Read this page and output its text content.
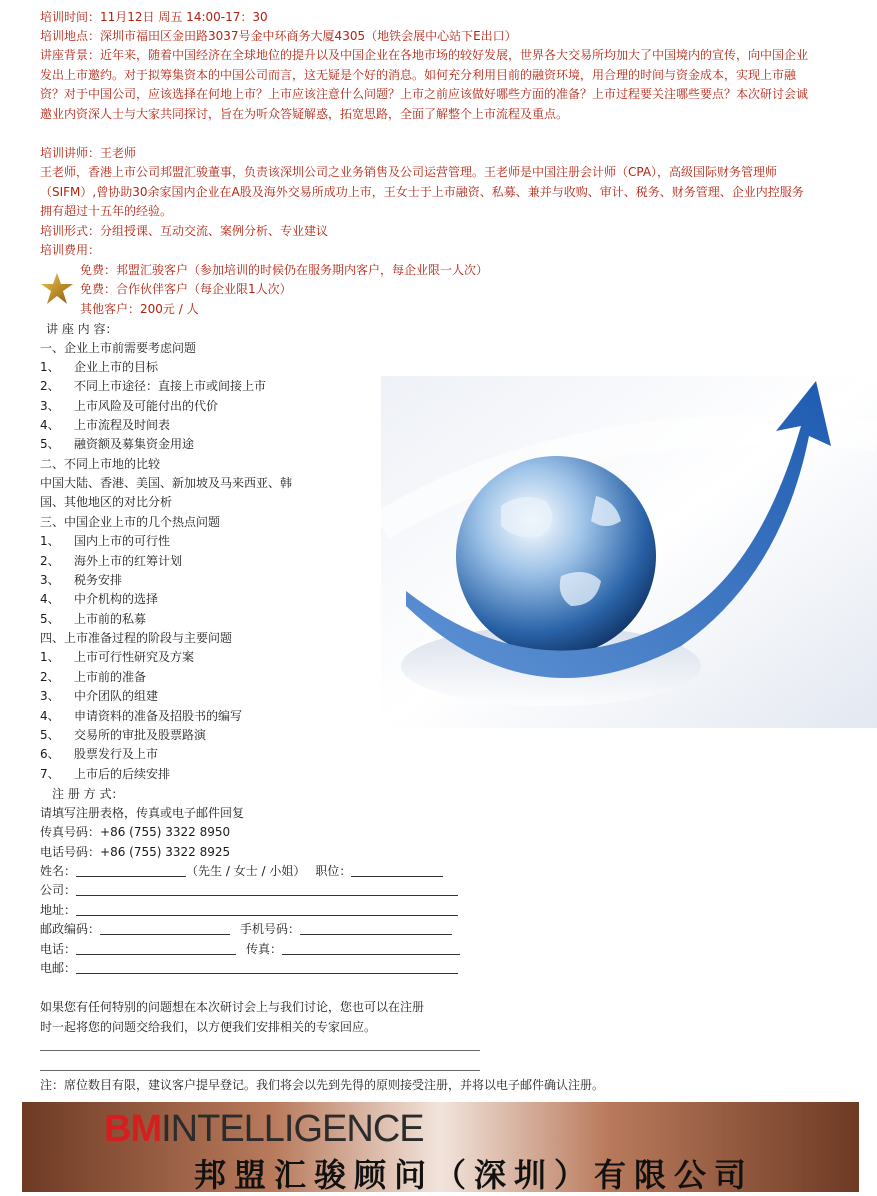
培训时间：11月12日 周五 14:00-17：30
培训地点：深圳市福田区金田路3037号金中环商务大厦4305（地铁会展中心站下E出口）
讲座背景：近年来，随着中国经济在全球地位的提升以及中国企业在各地市场的较好发展，世界各大交易所均加大了中国境内的宣传，向中国企业发出上市邀约。对于拟筹集资本的中国公司而言，这无疑是个好的消息。如何充分利用目前的融资环境，用合理的时间与资金成本，实现上市融资？对于中国公司，应该选择在何地上市？上市应该注意什么问题？上市之前应该做好哪些方面的准备？上市过程要关注哪些要点？本次研讨会诚邀业内资深人士与大家共同探讨，旨在为听众答疑解惑，拓宽思路，全面了解整个上市流程及重点。
培训讲师：王老师
王老师，香港上市公司邦盟汇骏董事，负责该深圳公司之业务销售及公司运营管理。王老师是中国注册会计师（CPA），高级国际财务管理师（SIFM）,曾协助30余家国内企业在A股及海外交易所成功上市，王女士于上市融资、私募、兼并与收购、审计、税务、财务管理、企业内控服务拥有超过十五年的经验。
培训形式：分组授课、互动交流、案例分析、专业建议
培训费用：
免费：邦盟汇骏客户（参加培训的时候仍在服务期内客户，每企业限一人次）
免费：合作伙伴客户（每企业限1人次）
其他客户：200元 / 人
讲 座 内 容：
一、企业上市前需要考虑问题
1、 企业上市的目标
2、 不同上市途径：直接上市或间接上市
3、 上市风险及可能付出的代价
4、 上市流程及时间表
5、 融资额及募集资金用途
二、不同上市地的比较
中国大陆、香港、美国、新加坡及马来西亚、韩
国、其他地区的对比分析
三、中国企业上市的几个热点问题
1、 国内上市的可行性
2、 海外上市的红筹计划
3、 税务安排
4、 中介机构的选择
5、 上市前的私募
四、上市准备过程的阶段与主要问题
1、 上市可行性研究及方案
2、 上市前的准备
3、 中介团队的组建
4、 申请资料的准备及招股书的编写
5、 交易所的审批及股票路演
6、 股票发行及上市
7、 上市后的后续安排
注 册 方 式：
请填写注册表格，传真或电子邮件回复
传真号码：+86 (755) 3322 8950
电话号码：+86 (755) 3322 8925
姓名：	（先生 / 女士 / 小姐） 职位：
公司：
地址：
邮政编码：	手机号码：
电话：	传真：
电邮：
如果您有任何特别的问题想在本次研讨会上与我们讨论，您也可以在注册
时一起将您的问题交给我们，以方便我们安排相关的专家回应。
注：席位数目有限，建议客户提早登记。我们将会以先到先得的原则接受注册，并将以电子邮件确认注册。
BMINTELLIGENCE
邦盟汇骏顾问（深圳）有限公司
